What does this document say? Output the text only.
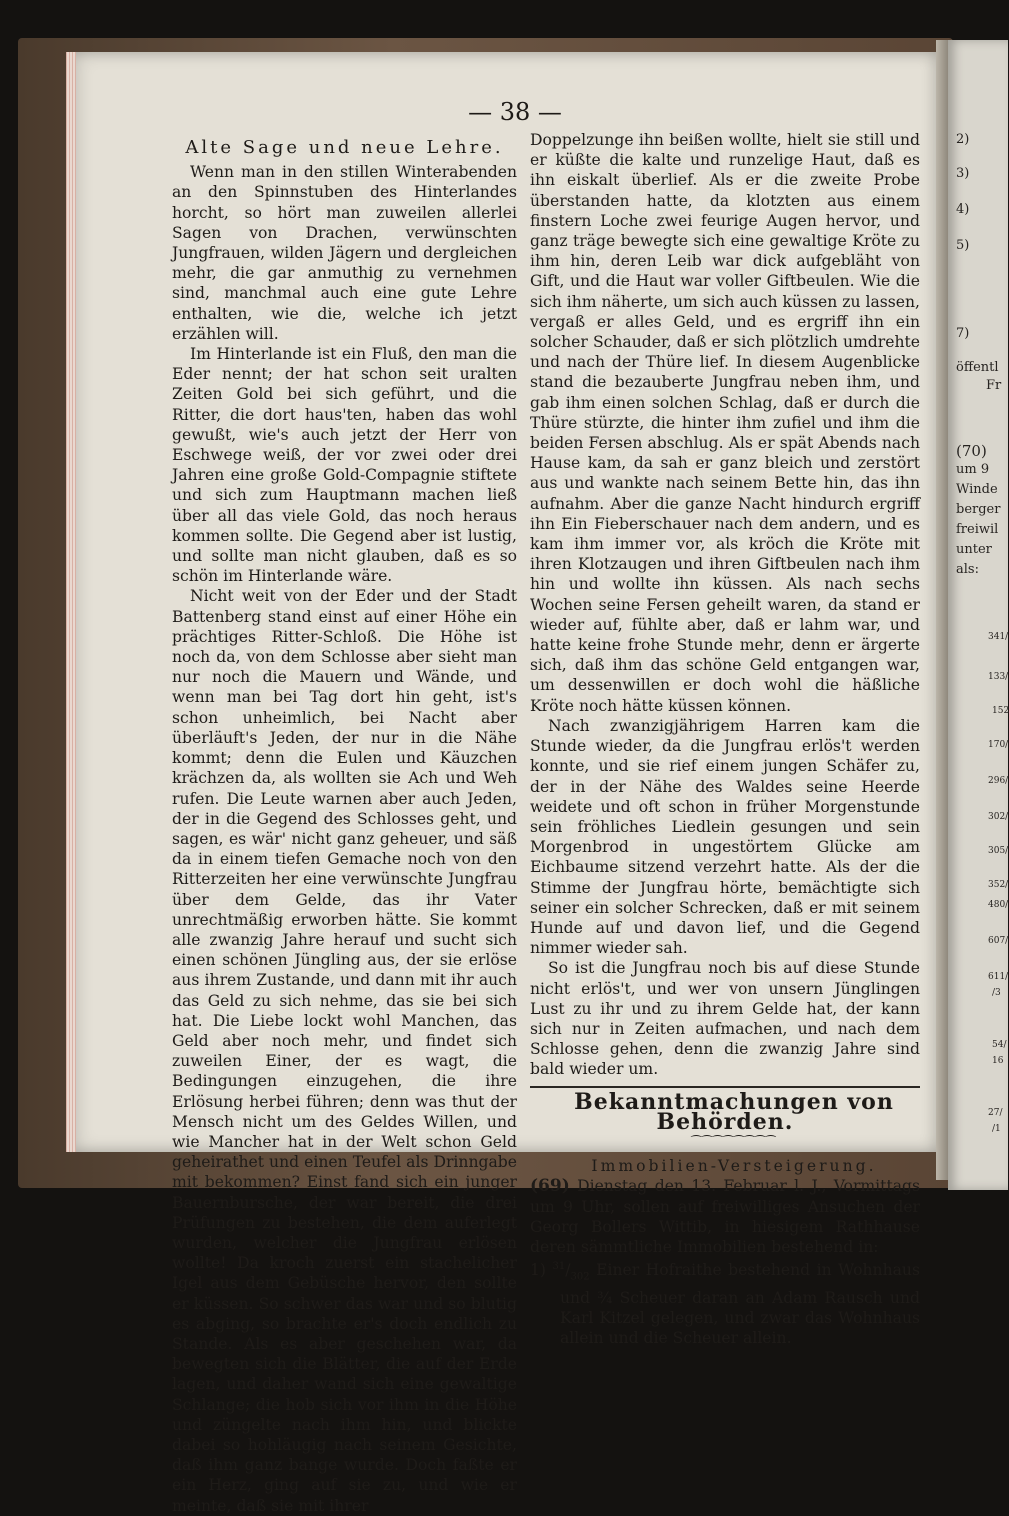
2)
3)
4)
5)
7)
öffentl
Fr
(70)
um 9
Winde
berger
freiwil
unter
als:
341/
133/
152
170/
296/
302/
305/
352/
480/
607/
611/
/3
54/
16
27/
/1
— 38 —

Alte Sage und neue Lehre.

Wenn man in den stillen Winterabenden an den Spinnstuben des Hinterlandes horcht, so hört man zuweilen allerlei Sagen von Drachen, verwünschten Jungfrauen, wilden Jägern und dergleichen mehr, die gar anmuthig zu vernehmen sind, manchmal auch eine gute Lehre enthalten, wie die, welche ich jetzt erzählen will.

Im Hinterlande ist ein Fluß, den man die Eder nennt; der hat schon seit uralten Zeiten Gold bei sich geführt, und die Ritter, die dort haus'ten, haben das wohl gewußt, wie's auch jetzt der Herr von Eschwege weiß, der vor zwei oder drei Jahren eine große Gold-Compagnie stiftete und sich zum Hauptmann machen ließ über all das viele Gold, das noch heraus kommen sollte. Die Gegend aber ist lustig, und sollte man nicht glauben, daß es so schön im Hinterlande wäre.

Nicht weit von der Eder und der Stadt Battenberg stand einst auf einer Höhe ein prächtiges Ritter-Schloß. Die Höhe ist noch da, von dem Schlosse aber sieht man nur noch die Mauern und Wände, und wenn man bei Tag dort hin geht, ist's schon unheimlich, bei Nacht aber überläuft's Jeden, der nur in die Nähe kommt; denn die Eulen und Käuzchen krächzen da, als wollten sie Ach und Weh rufen. Die Leute warnen aber auch Jeden, der in die Gegend des Schlosses geht, und sagen, es wär' nicht ganz geheuer, und säß da in einem tiefen Gemache noch von den Ritterzeiten her eine verwünschte Jungfrau über dem Gelde, das ihr Vater unrechtmäßig erworben hätte. Sie kommt alle zwanzig Jahre herauf und sucht sich einen schönen Jüngling aus, der sie erlöse aus ihrem Zustande, und dann mit ihr auch das Geld zu sich nehme, das sie bei sich hat. Die Liebe lockt wohl Manchen, das Geld aber noch mehr, und findet sich zuweilen Einer, der es wagt, die Bedingungen einzugehen, die ihre Erlösung herbei führen; denn was thut der Mensch nicht um des Geldes Willen, und wie Mancher hat in der Welt schon Geld geheirathet und einen Teufel als Drinngabe mit bekommen? Einst fand sich ein junger Bauernbursche, der war bereit, die drei Prüfungen zu bestehen, die dem auferlegt wurden, welcher die Jungfrau erlösen wollte! Da kroch zuerst ein stachelicher Igel aus dem Gebüsche hervor, den sollte er küssen. So schwer das war und so blutig es abging, so brachte er's doch endlich zu Stande. Als es aber geschehen war, da bewegten sich die Blätter, die auf der Erde lagen, und daher wand sich eine gewaltige Schlange; die hob sich vor ihm in die Höhe und züngelte nach ihm hin, und blickte dabei so hohläugig nach seinem Gesichte, daß ihm ganz bange wurde. Doch faßte er ein Herz, ging auf sie zu, und wie er meinte, daß sie mit ihrer

Doppelzunge ihn beißen wollte, hielt sie still und er küßte die kalte und runzelige Haut, daß es ihn eiskalt überlief. Als er die zweite Probe überstanden hatte, da klotzten aus einem finstern Loche zwei feurige Augen hervor, und ganz träge bewegte sich eine gewaltige Kröte zu ihm hin, deren Leib war dick aufgebläht von Gift, und die Haut war voller Giftbeulen. Wie die sich ihm näherte, um sich auch küssen zu lassen, vergaß er alles Geld, und es ergriff ihn ein solcher Schauder, daß er sich plötzlich umdrehte und nach der Thüre lief. In diesem Augenblicke stand die bezauberte Jungfrau neben ihm, und gab ihm einen solchen Schlag, daß er durch die Thüre stürzte, die hinter ihm zufiel und ihm die beiden Fersen abschlug. Als er spät Abends nach Hause kam, da sah er ganz bleich und zerstört aus und wankte nach seinem Bette hin, das ihn aufnahm. Aber die ganze Nacht hindurch ergriff ihn Ein Fieberschauer nach dem andern, und es kam ihm immer vor, als kröch die Kröte mit ihren Klotzaugen und ihren Giftbeulen nach ihm hin und wollte ihn küssen. Als nach sechs Wochen seine Fersen geheilt waren, da stand er wieder auf, fühlte aber, daß er lahm war, und hatte keine frohe Stunde mehr, denn er ärgerte sich, daß ihm das schöne Geld entgangen war, um dessenwillen er doch wohl die häßliche Kröte noch hätte küssen können.

Nach zwanzigjährigem Harren kam die Stunde wieder, da die Jungfrau erlös't werden konnte, und sie rief einem jungen Schäfer zu, der in der Nähe des Waldes seine Heerde weidete und oft schon in früher Morgenstunde sein fröhliches Liedlein gesungen und sein Morgenbrod in ungestörtem Glücke am Eichbaume sitzend verzehrt hatte. Als der die Stimme der Jungfrau hörte, bemächtigte sich seiner ein solcher Schrecken, daß er mit seinem Hunde auf und davon lief, und die Gegend nimmer wieder sah.

So ist die Jungfrau noch bis auf diese Stunde nicht erlös't, und wer von unsern Jünglingen Lust zu ihr und zu ihrem Gelde hat, der kann sich nur in Zeiten aufmachen, und nach dem Schlosse gehen, denn die zwanzig Jahre sind bald wieder um.

Bekanntmachungen von Behörden.

⁀⁀⁀⁀⁀⁀⁀⁀

Immobilien-Versteigerung.

(69) Dienstag den 13. Februar l. J., Vormittags um 9 Uhr, sollen auf freiwilliges Ansuchen der Georg Bollers Wittib, in hiesigem Rathhause deren sämmtliche Immobilien bestehend in:

1) $^{31}/_{302}$ Einer Hofraithe bestehend in Wohnhaus und ¾ Scheuer daran an Adam Rausch und Karl Kitzel gelegen, und zwar das Wohnhaus allein und die Scheuer allein.
